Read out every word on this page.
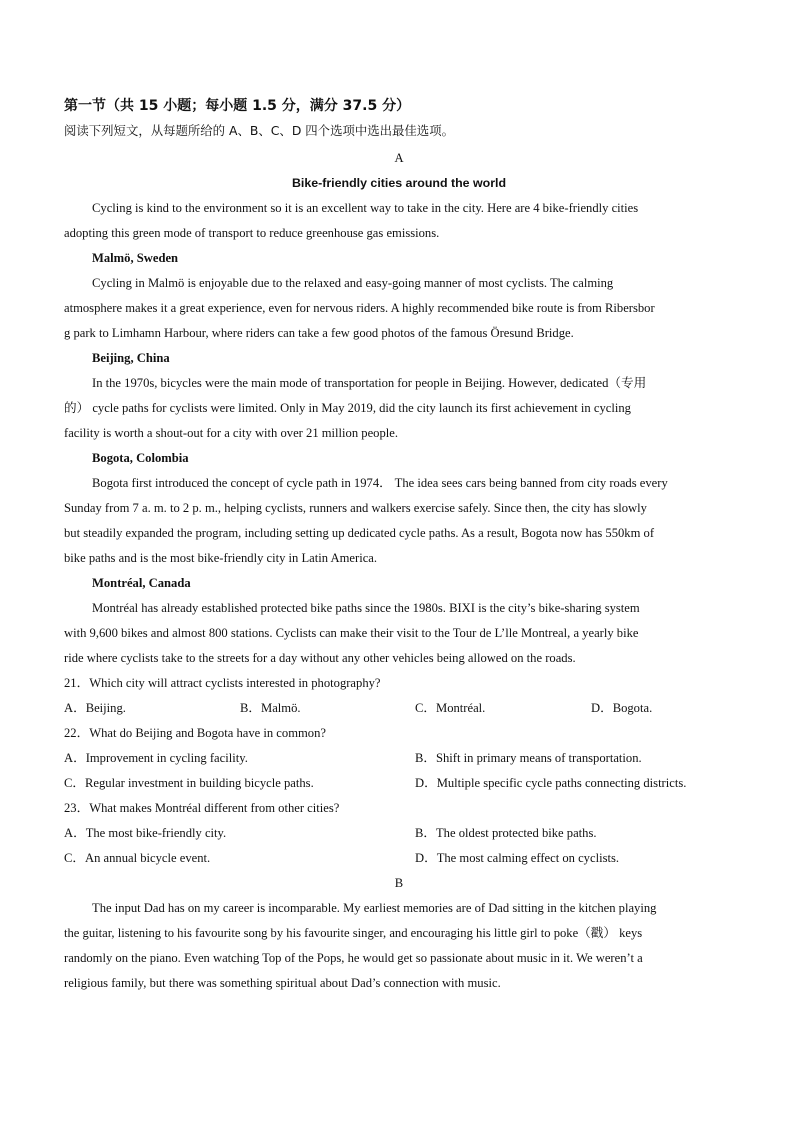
第一节（共 15 小题；每小题 1.5 分，满分 37.5 分）
阅读下列短文，从每题所给的 A、B、C、D 四个选项中选出最佳选项。
A
Bike-friendly cities around the world
Cycling is kind to the environment so it is an excellent way to take in the city. Here are 4 bike-friendly cities
adopting this green mode of transport to reduce greenhouse gas emissions.
Malmö, Sweden
Cycling in Malmö is enjoyable due to the relaxed and easy-going manner of most cyclists. The calming
atmosphere makes it a great experience, even for nervous riders. A highly recommended bike route is from Ribersbor
g park to Limhamn Harbour, where riders can take a few good photos of the famous Öresund Bridge.
Beijing, China
In the 1970s, bicycles were the main mode of transportation for people in Beijing. However, dedicated（专用
的） cycle paths for cyclists were limited. Only in May 2019, did the city launch its first achievement in cycling
facility is worth a shout-out for a city with over 21 million people.
Bogota, Colombia
Bogota first introduced the concept of cycle path in 1974． The idea sees cars being banned from city roads every
Sunday from 7 a. m. to 2 p. m., helping cyclists, runners and walkers exercise safely. Since then, the city has slowly
but steadily expanded the program, including setting up dedicated cycle paths. As a result, Bogota now has 550km of
bike paths and is the most bike-friendly city in Latin America.
Montréal, Canada
Montréal has already established protected bike paths since the 1980s. BIXI is the city’s bike-sharing system
with 9,600 bikes and almost 800 stations. Cyclists can make their visit to the Tour de L’lle Montreal, a yearly bike
ride where cyclists take to the streets for a day without any other vehicles being allowed on the roads.
21．Which city will attract cyclists interested in photography?
A．Beijing.	B．Malmö.	C．Montréal.	D．Bogota.
22．What do Beijing and Bogota have in common?
A．Improvement in cycling facility.	B．Shift in primary means of transportation.
C．Regular investment in building bicycle paths.	D．Multiple specific cycle paths connecting districts.
23．What makes Montréal different from other cities?
A．The most bike-friendly city.	B．The oldest protected bike paths.
C．An annual bicycle event.	D．The most calming effect on cyclists.
B
The input Dad has on my career is incomparable. My earliest memories are of Dad sitting in the kitchen playing
the guitar, listening to his favourite song by his favourite singer, and encouraging his little girl to poke（戳） keys
randomly on the piano. Even watching Top of the Pops, he would get so passionate about music in it. We weren’t a
religious family, but there was something spiritual about Dad’s connection with music.
